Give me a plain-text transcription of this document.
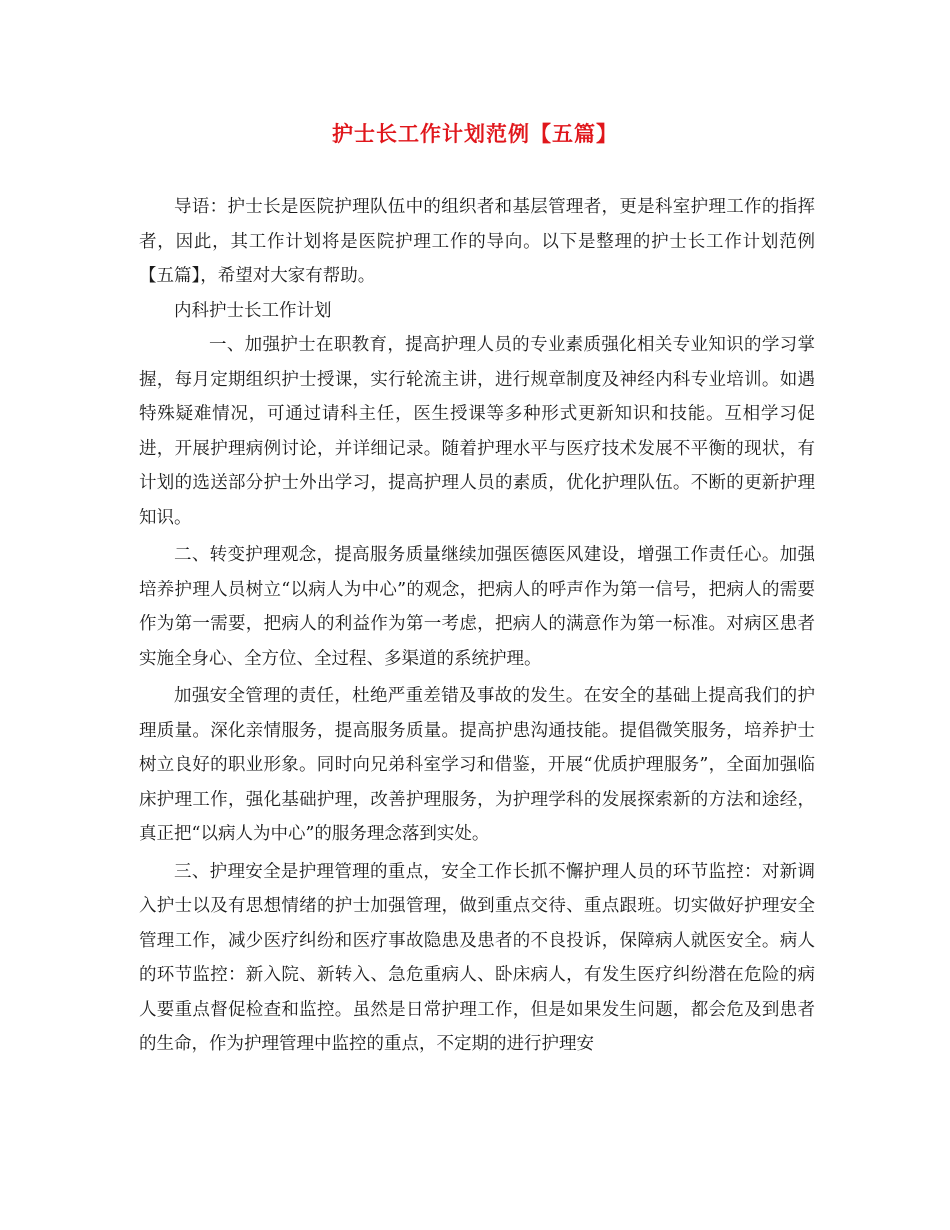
护士长工作计划范例【五篇】

导语：护士长是医院护理队伍中的组织者和基层管理者，更是科室护理工作的指挥者，因此，其工作计划将是医院护理工作的导向。以下是整理的护士长工作计划范例【五篇】，希望对大家有帮助。

内科护士长工作计划

一、加强护士在职教育，提高护理人员的专业素质强化相关专业知识的学习掌握，每月定期组织护士授课，实行轮流主讲，进行规章制度及神经内科专业培训。如遇特殊疑难情况，可通过请科主任，医生授课等多种形式更新知识和技能。互相学习促进，开展护理病例讨论，并详细记录。随着护理水平与医疗技术发展不平衡的现状，有计划的选送部分护士外出学习，提高护理人员的素质，优化护理队伍。不断的更新护理知识。

二、转变护理观念，提高服务质量继续加强医德医风建设，增强工作责任心。加强培养护理人员树立“以病人为中心”的观念，把病人的呼声作为第一信号，把病人的需要作为第一需要，把病人的利益作为第一考虑，把病人的满意作为第一标准。对病区患者实施全身心、全方位、全过程、多渠道的系统护理。

加强安全管理的责任，杜绝严重差错及事故的发生。在安全的基础上提高我们的护理质量。深化亲情服务，提高服务质量。提高护患沟通技能。提倡微笑服务，培养护士树立良好的职业形象。同时向兄弟科室学习和借鉴，开展“优质护理服务”，全面加强临床护理工作，强化基础护理，改善护理服务，为护理学科的发展探索新的方法和途经，真正把“以病人为中心”的服务理念落到实处。

三、护理安全是护理管理的重点，安全工作长抓不懈护理人员的环节监控：对新调入护士以及有思想情绪的护士加强管理，做到重点交待、重点跟班。切实做好护理安全管理工作，减少医疗纠纷和医疗事故隐患及患者的不良投诉，保障病人就医安全。病人的环节监控：新入院、新转入、急危重病人、卧床病人，有发生医疗纠纷潜在危险的病人要重点督促检查和监控。虽然是日常护理工作，但是如果发生问题，都会危及到患者的生命，作为护理管理中监控的重点，不定期的进行护理安
